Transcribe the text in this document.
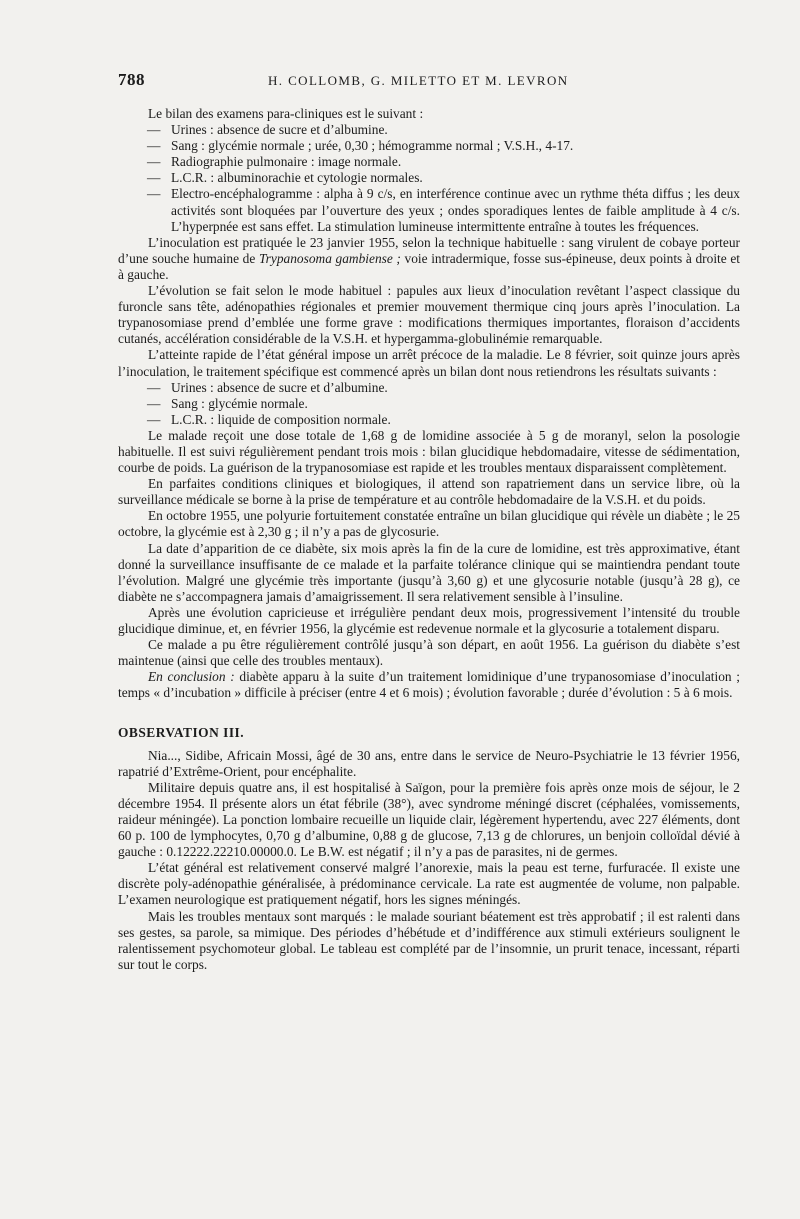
788	H. COLLOMB, G. MILETTO ET M. LEVRON

Le bilan des examens para-cliniques est le suivant :

— Urines : absence de sucre et d’albumine.
— Sang : glycémie normale ; urée, 0,30 ; hémogramme normal ; V.S.H., 4-17.
— Radiographie pulmonaire : image normale.
— L.C.R. : albuminorachie et cytologie normales.
— Electro-encéphalogramme : alpha à 9 c/s, en interférence continue avec un rythme théta diffus ; les deux activités sont bloquées par l’ouverture des yeux ; ondes sporadiques lentes de faible amplitude à 4 c/s. L’hyperpnée est sans effet. La stimulation lumineuse intermittente entraîne à toutes les fréquences.

L’inoculation est pratiquée le 23 janvier 1955, selon la technique habituelle : sang virulent de cobaye porteur d’une souche humaine de Trypanosoma gambiense ; voie intradermique, fosse sus-épineuse, deux points à droite et à gauche.

L’évolution se fait selon le mode habituel : papules aux lieux d’inoculation revêtant l’aspect classique du furoncle sans tête, adénopathies régionales et premier mouvement thermique cinq jours après l’inoculation. La trypanosomiase prend d’emblée une forme grave : modifications thermiques importantes, floraison d’accidents cutanés, accélération considérable de la V.S.H. et hypergamma-globulinémie remarquable.

L’atteinte rapide de l’état général impose un arrêt précoce de la maladie. Le 8 février, soit quinze jours après l’inoculation, le traitement spécifique est commencé après un bilan dont nous retiendrons les résultats suivants :

— Urines : absence de sucre et d’albumine.
— Sang : glycémie normale.
— L.C.R. : liquide de composition normale.

Le malade reçoit une dose totale de 1,68 g de lomidine associée à 5 g de moranyl, selon la posologie habituelle. Il est suivi régulièrement pendant trois mois : bilan glucidique hebdomadaire, vitesse de sédimentation, courbe de poids. La guérison de la trypanosomiase est rapide et les troubles mentaux disparaissent complètement.

En parfaites conditions cliniques et biologiques, il attend son rapatriement dans un service libre, où la surveillance médicale se borne à la prise de température et au contrôle hebdomadaire de la V.S.H. et du poids.

En octobre 1955, une polyurie fortuitement constatée entraîne un bilan glucidique qui révèle un diabète ; le 25 octobre, la glycémie est à 2,30 g ; il n’y a pas de glycosurie.

La date d’apparition de ce diabète, six mois après la fin de la cure de lomidine, est très approximative, étant donné la surveillance insuffisante de ce malade et la parfaite tolérance clinique qui se maintiendra pendant toute l’évolution. Malgré une glycémie très importante (jusqu’à 3,60 g) et une glycosurie notable (jusqu’à 28 g), ce diabète ne s’accompagnera jamais d’amaigrissement. Il sera relativement sensible à l’insuline.

Après une évolution capricieuse et irrégulière pendant deux mois, progressivement l’intensité du trouble glucidique diminue, et, en février 1956, la glycémie est redevenue normale et la glycosurie a totalement disparu.

Ce malade a pu être régulièrement contrôlé jusqu’à son départ, en août 1956. La guérison du diabète s’est maintenue (ainsi que celle des troubles mentaux).

En conclusion : diabète apparu à la suite d’un traitement lomidinique d’une trypanosomiase d’inoculation ; temps « d’incubation » difficile à préciser (entre 4 et 6 mois) ; évolution favorable ; durée d’évolution : 5 à 6 mois.

OBSERVATION III.

Nia..., Sidibe, Africain Mossi, âgé de 30 ans, entre dans le service de Neuro-Psychiatrie le 13 février 1956, rapatrié d’Extrême-Orient, pour encéphalite.

Militaire depuis quatre ans, il est hospitalisé à Saïgon, pour la première fois après onze mois de séjour, le 2 décembre 1954. Il présente alors un état fébrile (38°), avec syndrome méningé discret (céphalées, vomissements, raideur méningée). La ponction lombaire recueille un liquide clair, légèrement hypertendu, avec 227 éléments, dont 60 p. 100 de lymphocytes, 0,70 g d’albumine, 0,88 g de glucose, 7,13 g de chlorures, un benjoin colloïdal dévié à gauche : 0.12222.22210.00000.0. Le B.W. est négatif ; il n’y a pas de parasites, ni de germes.

L’état général est relativement conservé malgré l’anorexie, mais la peau est terne, furfuracée. Il existe une discrète poly-adénopathie généralisée, à prédominance cervicale. La rate est augmentée de volume, non palpable. L’examen neurologique est pratiquement négatif, hors les signes méningés.

Mais les troubles mentaux sont marqués : le malade souriant béatement est très approbatif ; il est ralenti dans ses gestes, sa parole, sa mimique. Des périodes d’hébétude et d’indifférence aux stimuli extérieurs soulignent le ralentissement psychomoteur global. Le tableau est complété par de l’insomnie, un prurit tenace, incessant, réparti sur tout le corps.
